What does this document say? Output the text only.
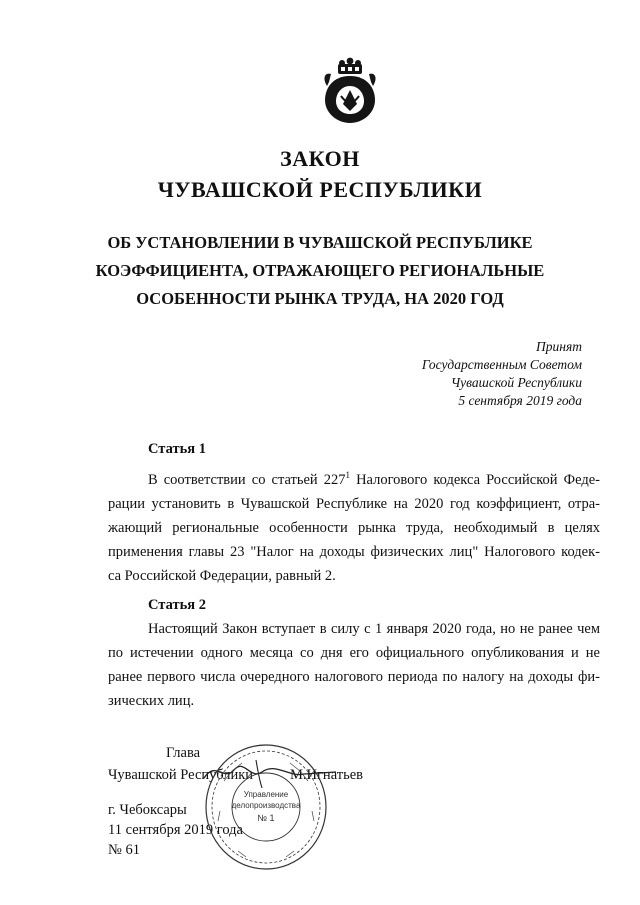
ЗАКОН
ЧУВАШСКОЙ РЕСПУБЛИКИ
ОБ УСТАНОВЛЕНИИ В ЧУВАШСКОЙ РЕСПУБЛИКЕ
КОЭФФИЦИЕНТА, ОТРАЖАЮЩЕГО РЕГИОНАЛЬНЫЕ
ОСОБЕННОСТИ РЫНКА ТРУДА, НА 2020 ГОД
Принят
Государственным Советом
Чувашской Республики
5 сентября 2019 года
Статья 1
В соответствии со статьей $227^1$ Налогового кодекса Российской Феде-
рации установить в Чувашской Республике на 2020 год коэффициент, отра-
жающий региональные особенности рынка труда, необходимый в целях
применения главы 23 "Налог на доходы физических лиц" Налогового кодек-
са Российской Федерации, равный 2.
Статья 2
Настоящий Закон вступает в силу с 1 января 2020 года, но не ранее чем
по истечении одного месяца со дня его официального опубликования и не
ранее первого числа очередного налогового периода по налогу на доходы фи-
зических лиц.
Глава
Чувашской Республики	М.Игнатьев
г. Чебоксары
11 сентября 2019 года
№ 61
Управление
делопроизводства
№ 1
